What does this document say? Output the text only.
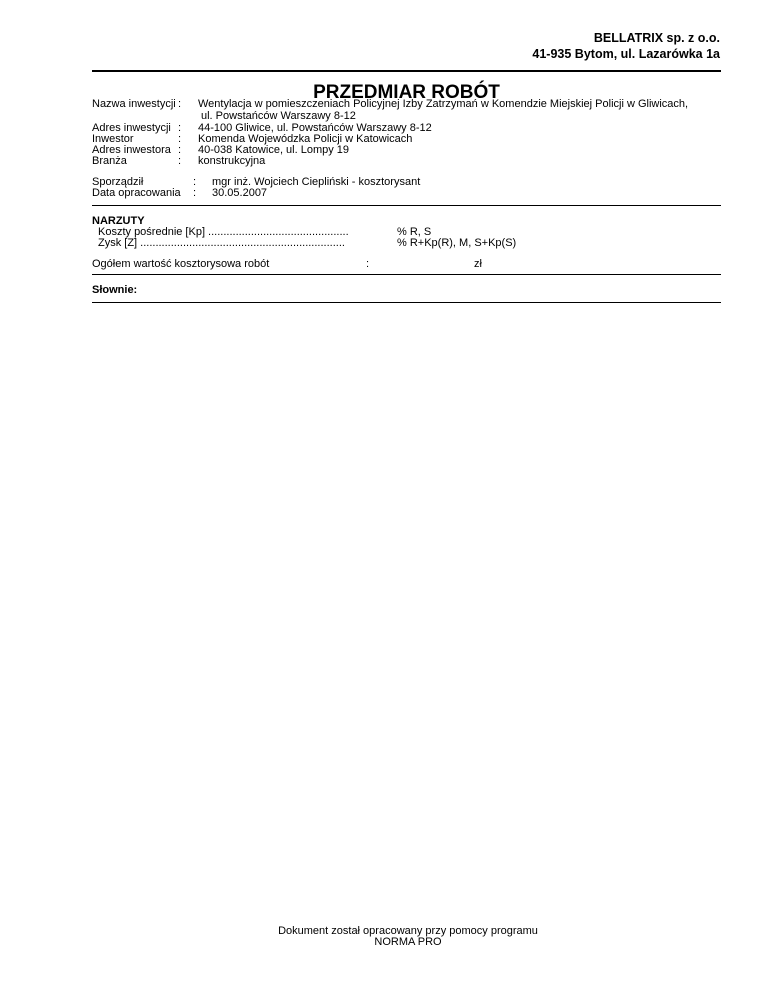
BELLATRIX sp. z o.o.
41-935 Bytom, ul. Lazarówka 1a
PRZEDMIAR ROBÓT
Nazwa inwestycji : Wentylacja w pomieszczeniach Policyjnej Izby Zatrzymań w Komendzie Miejskiej Policji w Gliwicach,
ul. Powstańców Warszawy 8-12
Adres inwestycji : 44-100 Gliwice, ul. Powstańców Warszawy 8-12
Inwestor	: Komenda Wojewódzka Policji w Katowicach
Adres inwestora : 40-038 Katowice, ul. Lompy 19
Branża	: konstrukcyjna
Sporządził	: mgr inż. Wojciech Ciepliński - kosztorysant
Data opracowania : 30.05.2007
NARZUTY
Koszty pośrednie [Kp] ..............................................	% R, S
Zysk [Z] ...................................................................	% R+Kp(R), M, S+Kp(S)
Ogółem wartość kosztorysowa robót	:	zł
Słownie:
Dokument został opracowany przy pomocy programu
NORMA PRO
